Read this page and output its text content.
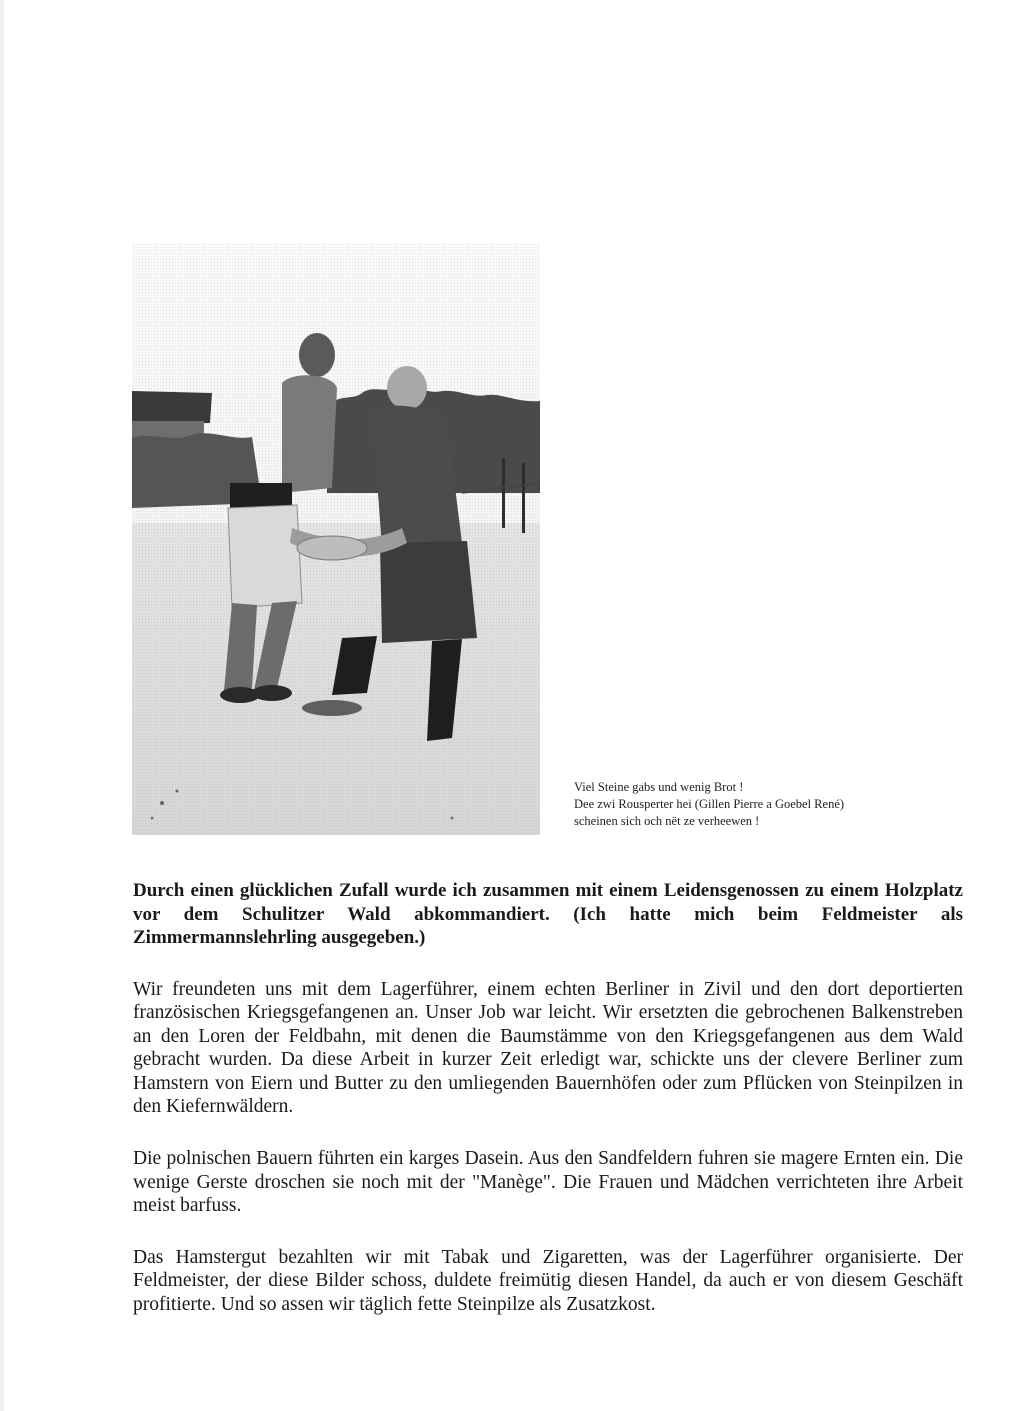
Viel Steine gabs und wenig Brot !
Dee zwi Rousperter hei (Gillen Pierre a Goebel René)
scheinen sich och nët ze verheewen !

Durch einen glücklichen Zufall wurde ich zusammen mit einem Leidensgenossen zu einem Holzplatz vor dem Schulitzer Wald abkommandiert. (Ich hatte mich beim Feldmeister als Zimmermannslehrling ausgegeben.)

Wir freundeten uns mit dem Lagerführer, einem echten Berliner in Zivil und den dort deportierten französischen Kriegsgefangenen an. Unser Job war leicht. Wir ersetzten die gebrochenen Balkenstreben an den Loren der Feldbahn, mit denen die Baumstämme von den Kriegsgefangenen aus dem Wald gebracht wurden. Da diese Arbeit in kurzer Zeit erledigt war, schickte uns der clevere Berliner zum Hamstern von Eiern und Butter zu den umliegenden Bauernhöfen oder zum Pflücken von Steinpilzen in den Kiefernwäldern.

Die polnischen Bauern führten ein karges Dasein. Aus den Sandfeldern fuhren sie magere Ernten ein. Die wenige Gerste droschen sie noch mit der "Manège". Die Frauen und Mädchen verrichteten ihre Arbeit meist barfuss.

Das Hamstergut bezahlten wir mit Tabak und Zigaretten, was der Lagerführer organisierte. Der Feldmeister, der diese Bilder schoss, duldete freimütig diesen Handel, da auch er von diesem Geschäft profitierte. Und so assen wir täglich fette Steinpilze als Zusatzkost.
